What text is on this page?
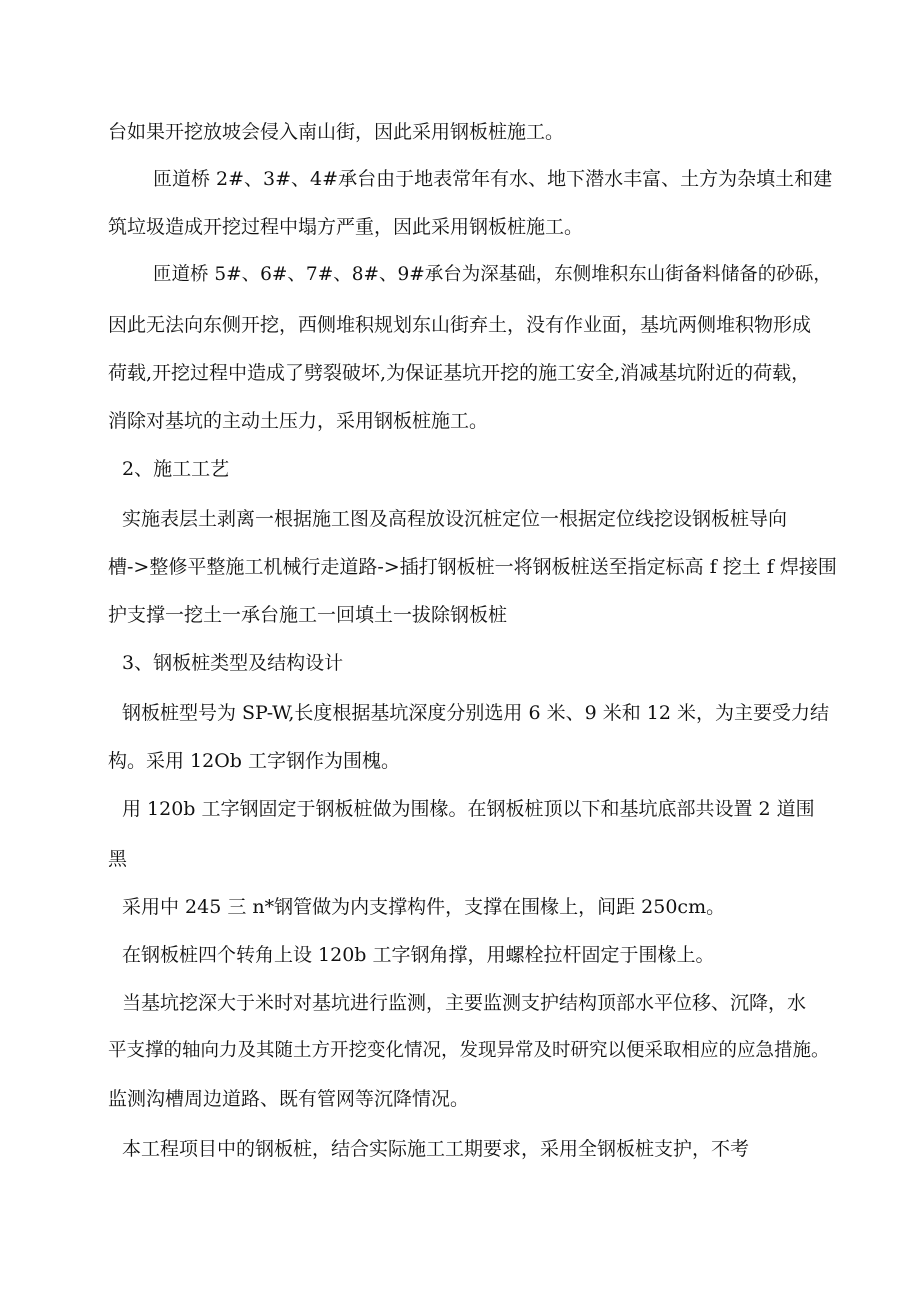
台如果开挖放坡会侵入南山街，因此采用钢板桩施工。

匝道桥 2#、3#、4#承台由于地表常年有水、地下潜水丰富、土方为杂填土和建

筑垃圾造成开挖过程中塌方严重，因此采用钢板桩施工。

匝道桥 5#、6#、7#、8#、9#承台为深基础，东侧堆积东山街备料储备的砂砾，

因此无法向东侧开挖，西侧堆积规划东山街弃土，没有作业面，基坑两侧堆积物形成

荷载,开挖过程中造成了劈裂破坏,为保证基坑开挖的施工安全,消减基坑附近的荷载，

消除对基坑的主动土压力，采用钢板桩施工。

2、施工工艺

实施表层土剥离一根据施工图及高程放设沉桩定位一根据定位线挖设钢板桩导向

槽->整修平整施工机械行走道路->插打钢板桩一将钢板桩送至指定标高 f 挖土 f 焊接围

护支撑一挖土一承台施工一回填土一拔除钢板桩

3、钢板桩类型及结构设计

钢板桩型号为 SP-W,长度根据基坑深度分别选用 6 米、9 米和 12 米，为主要受力结

构。采用 12Ob 工字钢作为围槐。

用 120b 工字钢固定于钢板桩做为围椽。在钢板桩顶以下和基坑底部共设置 2 道围

黑

采用中 245 三 n*钢管做为内支撑构件，支撑在围椽上，间距 250cm。

在钢板桩四个转角上设 120b 工字钢角撑，用螺栓拉杆固定于围椽上。

当基坑挖深大于米时对基坑进行监测，主要监测支护结构顶部水平位移、沉降，水

平支撑的轴向力及其随土方开挖变化情况，发现异常及时研究以便采取相应的应急措施。

监测沟槽周边道路、既有管网等沉降情况。

本工程项目中的钢板桩，结合实际施工工期要求，采用全钢板桩支护，不考
